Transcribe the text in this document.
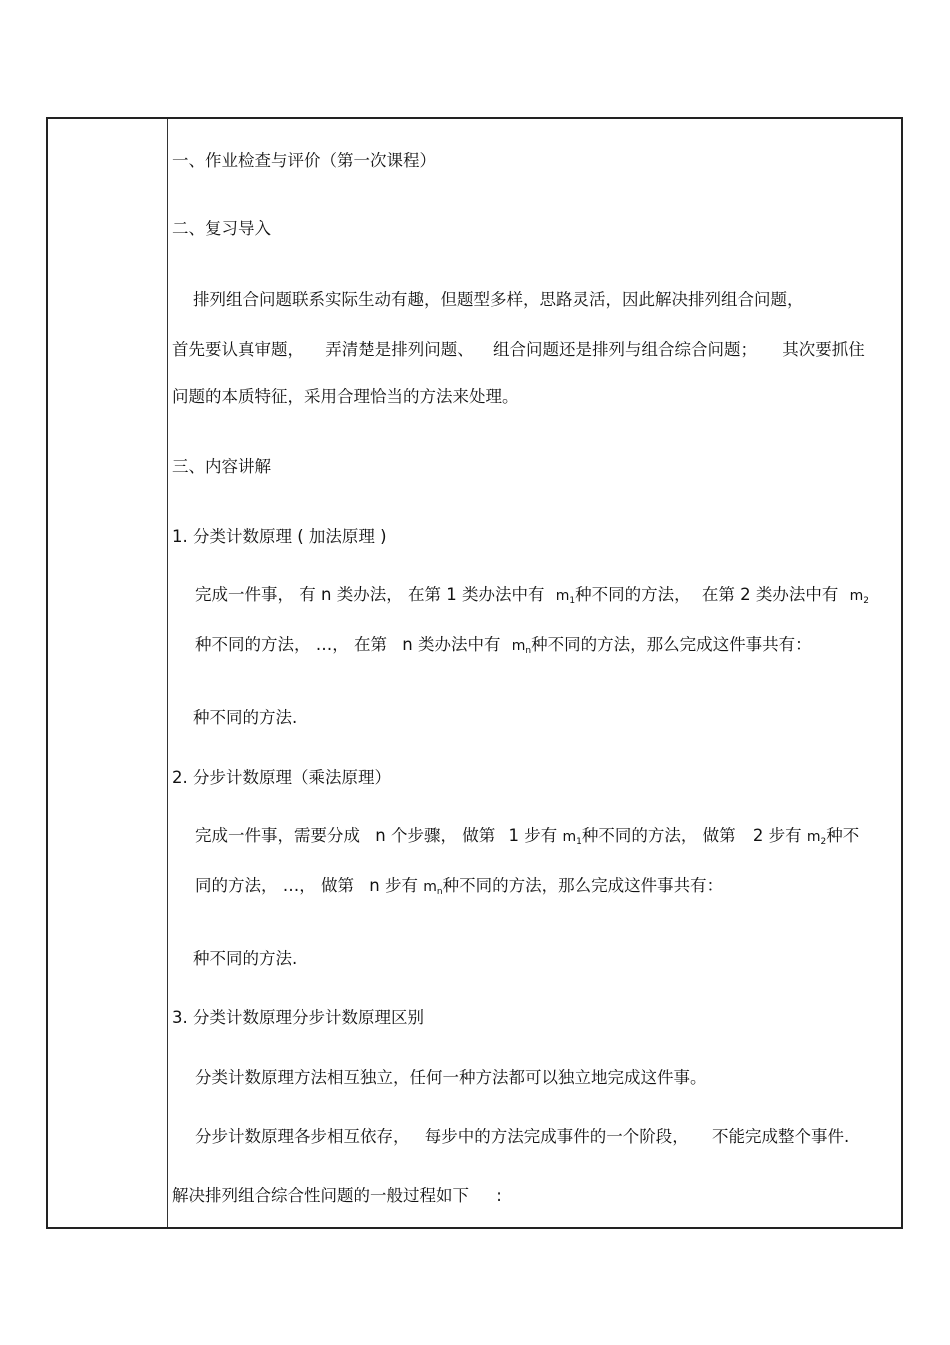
一、作业检查与评价（第一次课程）
二、复习导入
排列组合问题联系实际生动有趣，但题型多样，思路灵活，因此解决排列组合问题，
首先要认真审题， 弄清楚是排列问题、 组合问题还是排列与组合综合问题； 其次要抓住
问题的本质特征，采用合理恰当的方法来处理。
三、内容讲解
1. 分类计数原理 ( 加法原理 )
完成一件事， 有 n 类办法， 在第 1 类办法中有 $m_1$种不同的方法， 在第 2 类办法中有 $m_2$
种不同的方法， …， 在第 n 类办法中有 $m_n$种不同的方法，那么完成这件事共有：
种不同的方法.
2. 分步计数原理（乘法原理）
完成一件事，需要分成 n 个步骤， 做第 1 步有 $m_1$种不同的方法， 做第 2 步有 $m_2$种不
同的方法， …， 做第 n 步有 $m_n$种不同的方法，那么完成这件事共有：
种不同的方法.
3. 分类计数原理分步计数原理区别
分类计数原理方法相互独立，任何一种方法都可以独立地完成这件事。
分步计数原理各步相互依存， 每步中的方法完成事件的一个阶段， 不能完成整个事件.
解决排列组合综合性问题的一般过程如下 :
